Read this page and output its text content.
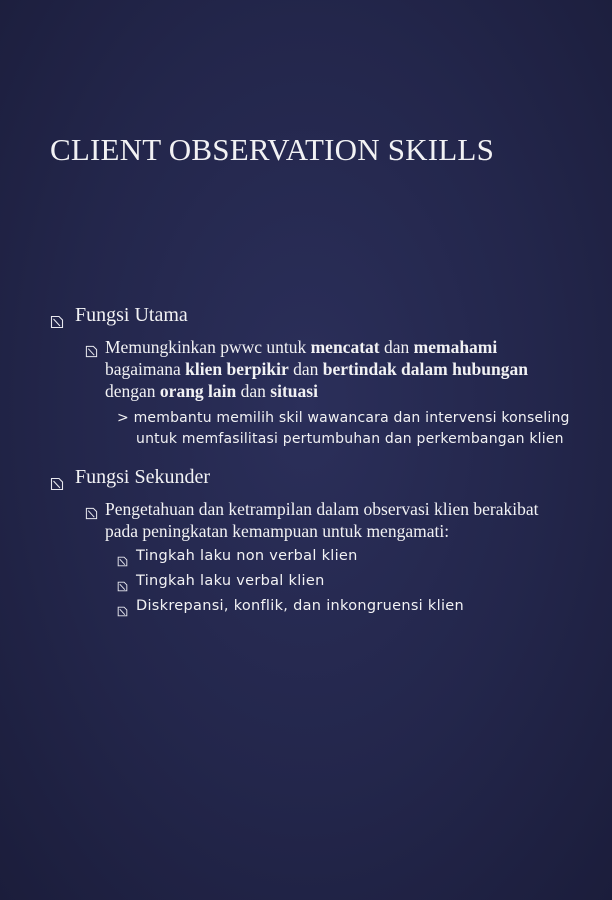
CLIENT OBSERVATION SKILLS
Fungsi Utama
Memungkinkan pwwc untuk mencatat dan memahami bagaimana klien berpikir dan bertindak dalam hubungan dengan orang lain dan situasi
> membantu memilih skil wawancara dan intervensi konseling untuk memfasilitasi pertumbuhan dan perkembangan klien
Fungsi Sekunder
Pengetahuan dan ketrampilan dalam observasi klien berakibat pada peningkatan kemampuan untuk mengamati:
Tingkah laku non verbal klien
Tingkah laku verbal klien
Diskrepansi, konflik, dan inkongruensi klien
